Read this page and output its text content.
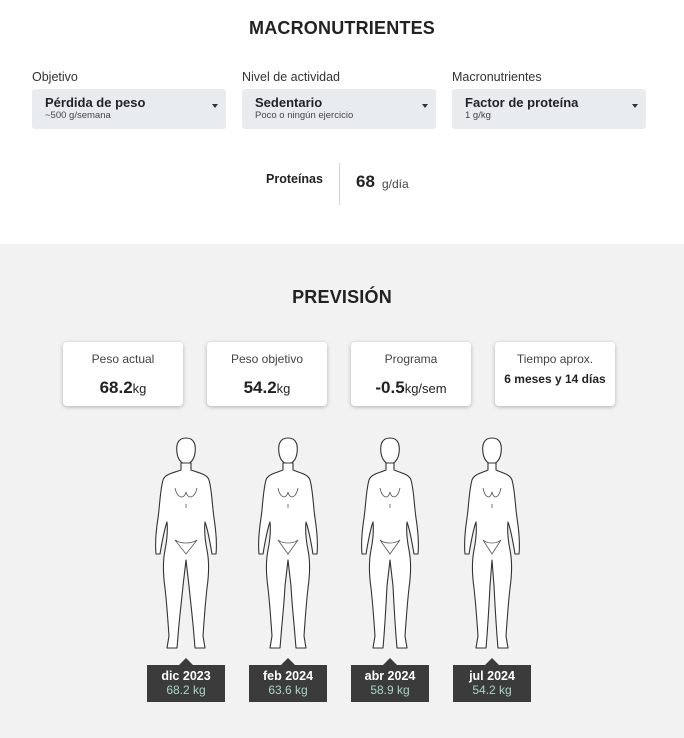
MACRONUTRIENTES
Objetivo
Pérdida de peso
~500 g/semana
Nivel de actividad
Sedentario
Poco o ningún ejercicio
Macronutrientes
Factor de proteína
1 g/kg
Proteínas 68 g/día
PREVISIÓN
Peso actual
68.2kg
Peso objetivo
54.2kg
Programa
-0.5kg/sem
Tiempo aprox.
6 meses y 14 días
dic 2023
68.2 kg
feb 2024
63.6 kg
abr 2024
58.9 kg
jul 2024
54.2 kg
